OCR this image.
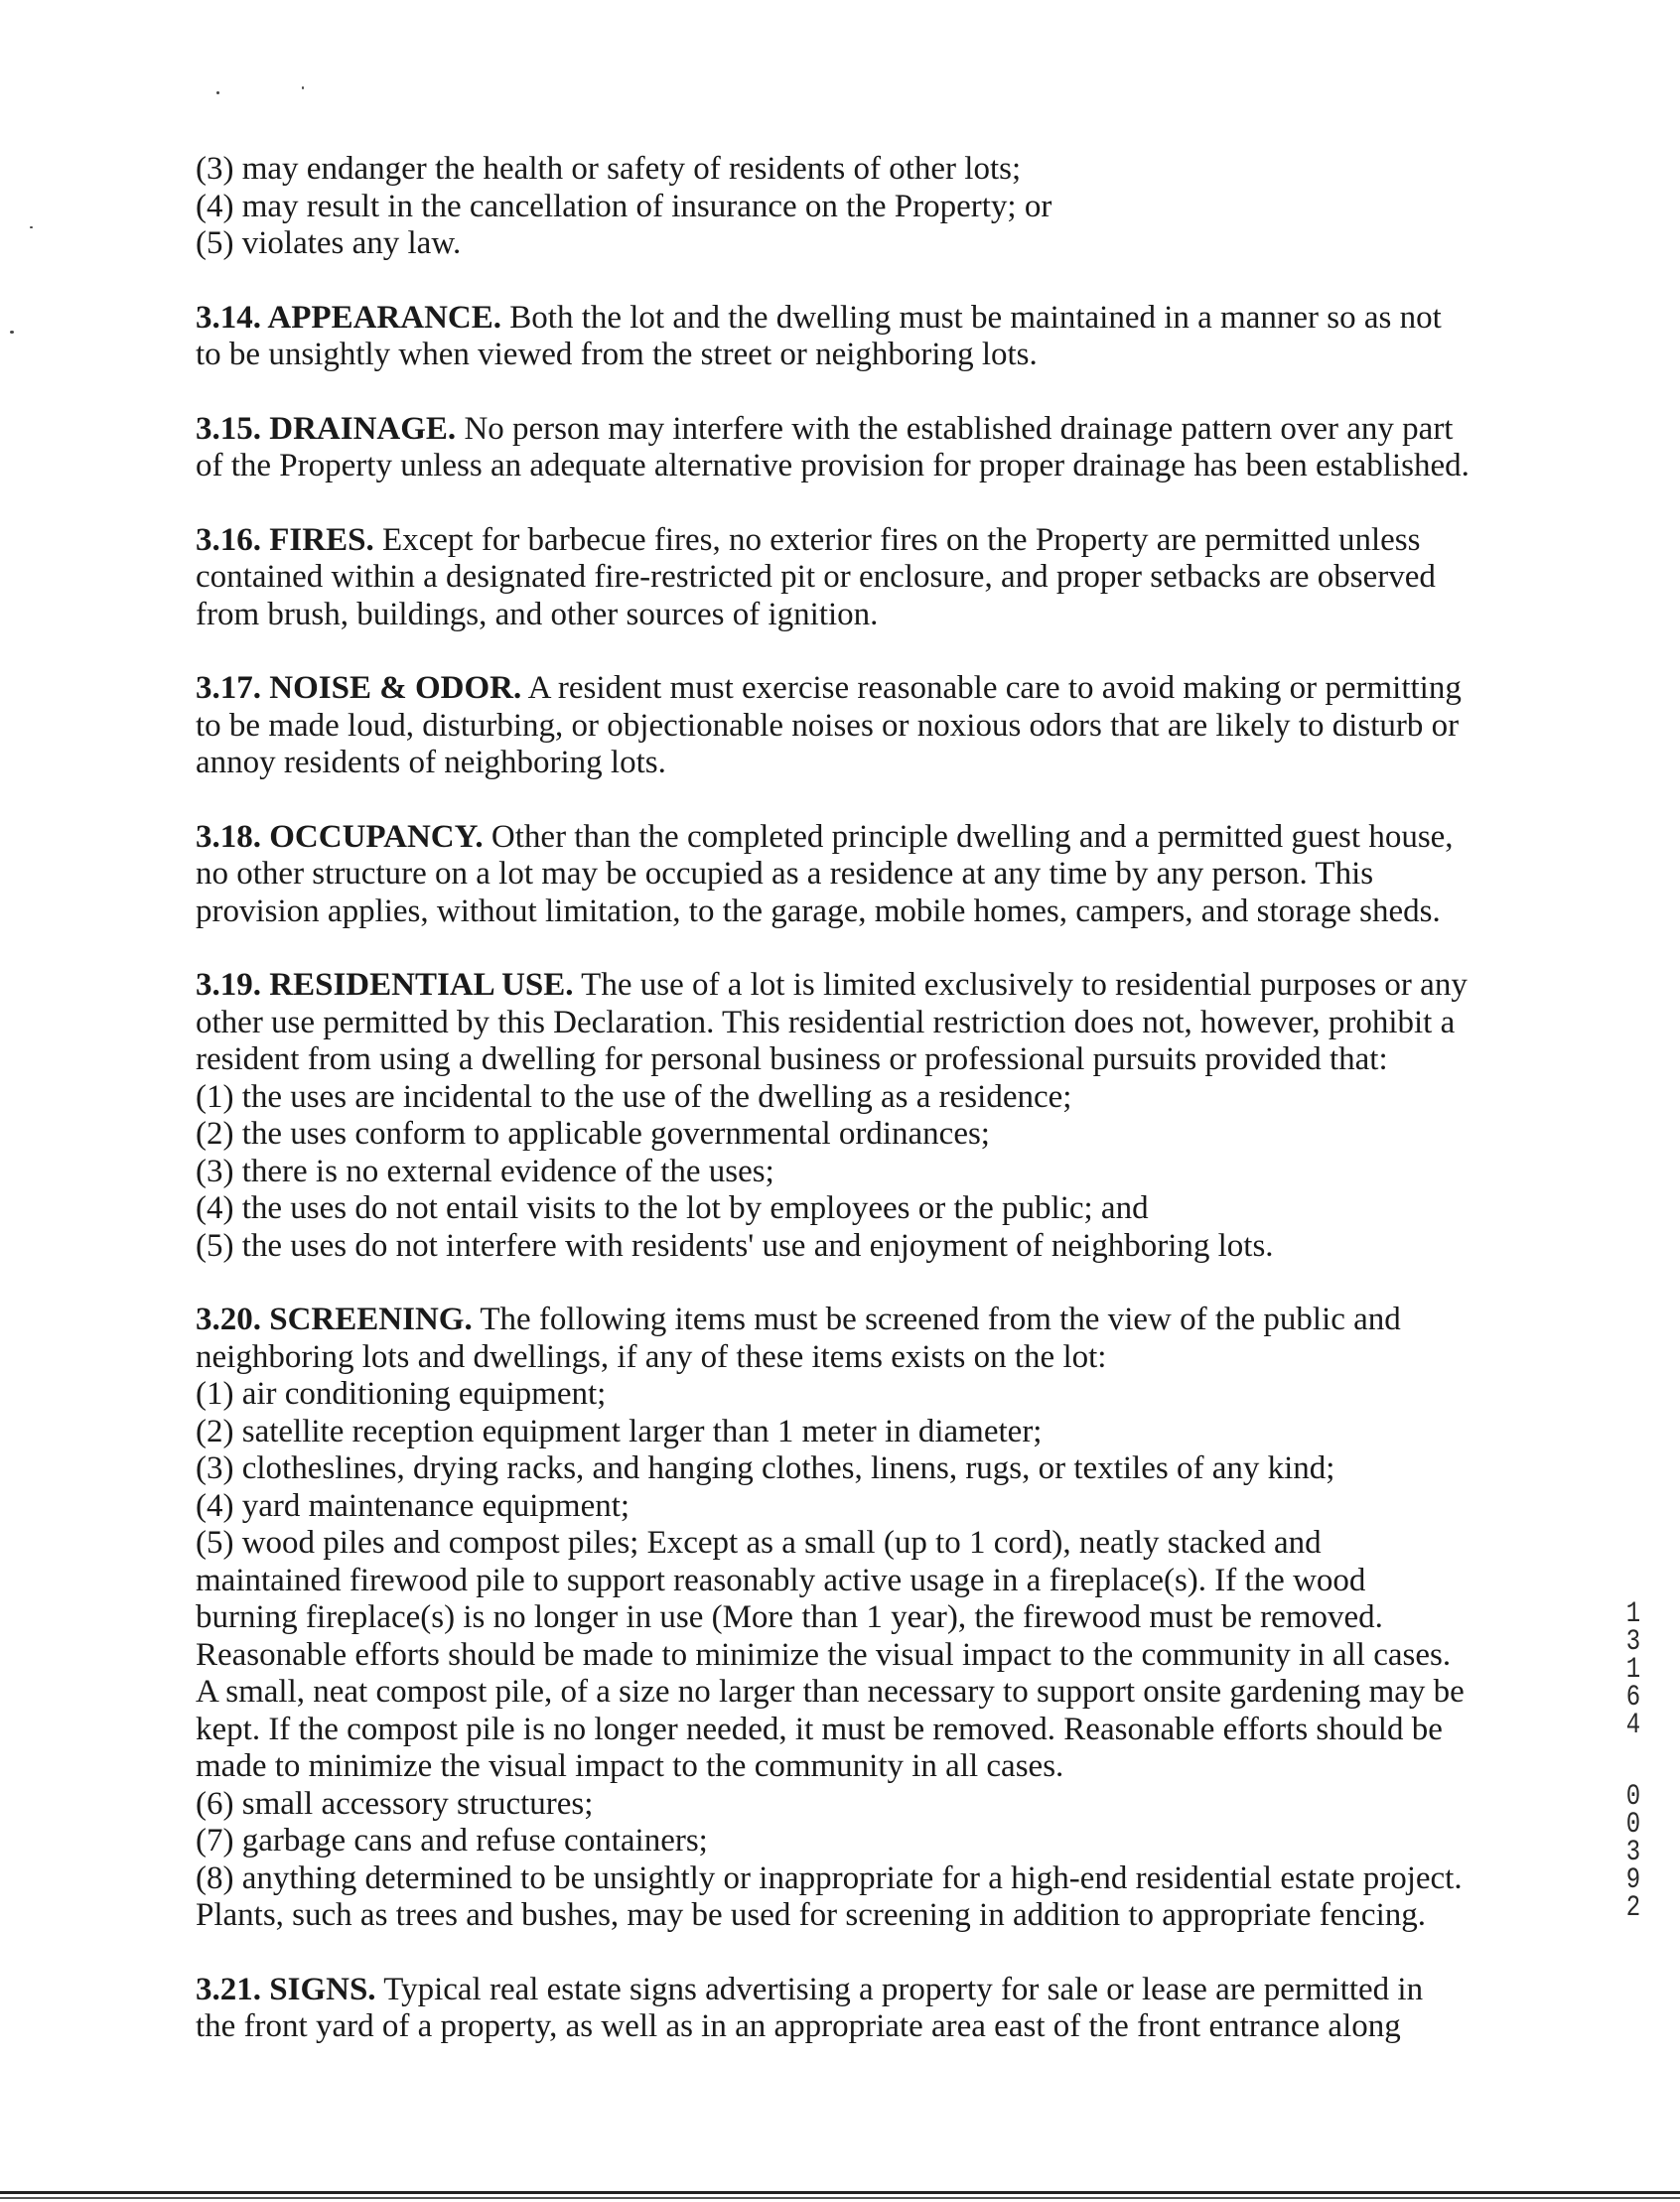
(3) may endanger the health or safety of residents of other lots;
(4) may result in the cancellation of insurance on the Property; or
(5) violates any law.
3.14. APPEARANCE. Both the lot and the dwelling must be maintained in a manner so as not
to be unsightly when viewed from the street or neighboring lots.
3.15. DRAINAGE. No person may interfere with the established drainage pattern over any part
of the Property unless an adequate alternative provision for proper drainage has been established.
3.16. FIRES. Except for barbecue fires, no exterior fires on the Property are permitted unless
contained within a designated fire-restricted pit or enclosure, and proper setbacks are observed
from brush, buildings, and other sources of ignition.
3.17. NOISE & ODOR. A resident must exercise reasonable care to avoid making or permitting
to be made loud, disturbing, or objectionable noises or noxious odors that are likely to disturb or
annoy residents of neighboring lots.
3.18. OCCUPANCY. Other than the completed principle dwelling and a permitted guest house,
no other structure on a lot may be occupied as a residence at any time by any person. This
provision applies, without limitation, to the garage, mobile homes, campers, and storage sheds.
3.19. RESIDENTIAL USE. The use of a lot is limited exclusively to residential purposes or any
other use permitted by this Declaration. This residential restriction does not, however, prohibit a
resident from using a dwelling for personal business or professional pursuits provided that:
(1) the uses are incidental to the use of the dwelling as a residence;
(2) the uses conform to applicable governmental ordinances;
(3) there is no external evidence of the uses;
(4) the uses do not entail visits to the lot by employees or the public; and
(5) the uses do not interfere with residents' use and enjoyment of neighboring lots.
3.20. SCREENING. The following items must be screened from the view of the public and
neighboring lots and dwellings, if any of these items exists on the lot:
(1) air conditioning equipment;
(2) satellite reception equipment larger than 1 meter in diameter;
(3) clotheslines, drying racks, and hanging clothes, linens, rugs, or textiles of any kind;
(4) yard maintenance equipment;
(5) wood piles and compost piles; Except as a small (up to 1 cord), neatly stacked and
maintained firewood pile to support reasonably active usage in a fireplace(s). If the wood
burning fireplace(s) is no longer in use (More than 1 year), the firewood must be removed.
Reasonable efforts should be made to minimize the visual impact to the community in all cases.
A small, neat compost pile, of a size no larger than necessary to support onsite gardening may be
kept. If the compost pile is no longer needed, it must be removed. Reasonable efforts should be
made to minimize the visual impact to the community in all cases.
(6) small accessory structures;
(7) garbage cans and refuse containers;
(8) anything determined to be unsightly or inappropriate for a high-end residential estate project.
Plants, such as trees and bushes, may be used for screening in addition to appropriate fencing.
3.21. SIGNS. Typical real estate signs advertising a property for sale or lease are permitted in
the front yard of a property, as well as in an appropriate area east of the front entrance along
1
3
1
6
4
0
0
3
9
2
